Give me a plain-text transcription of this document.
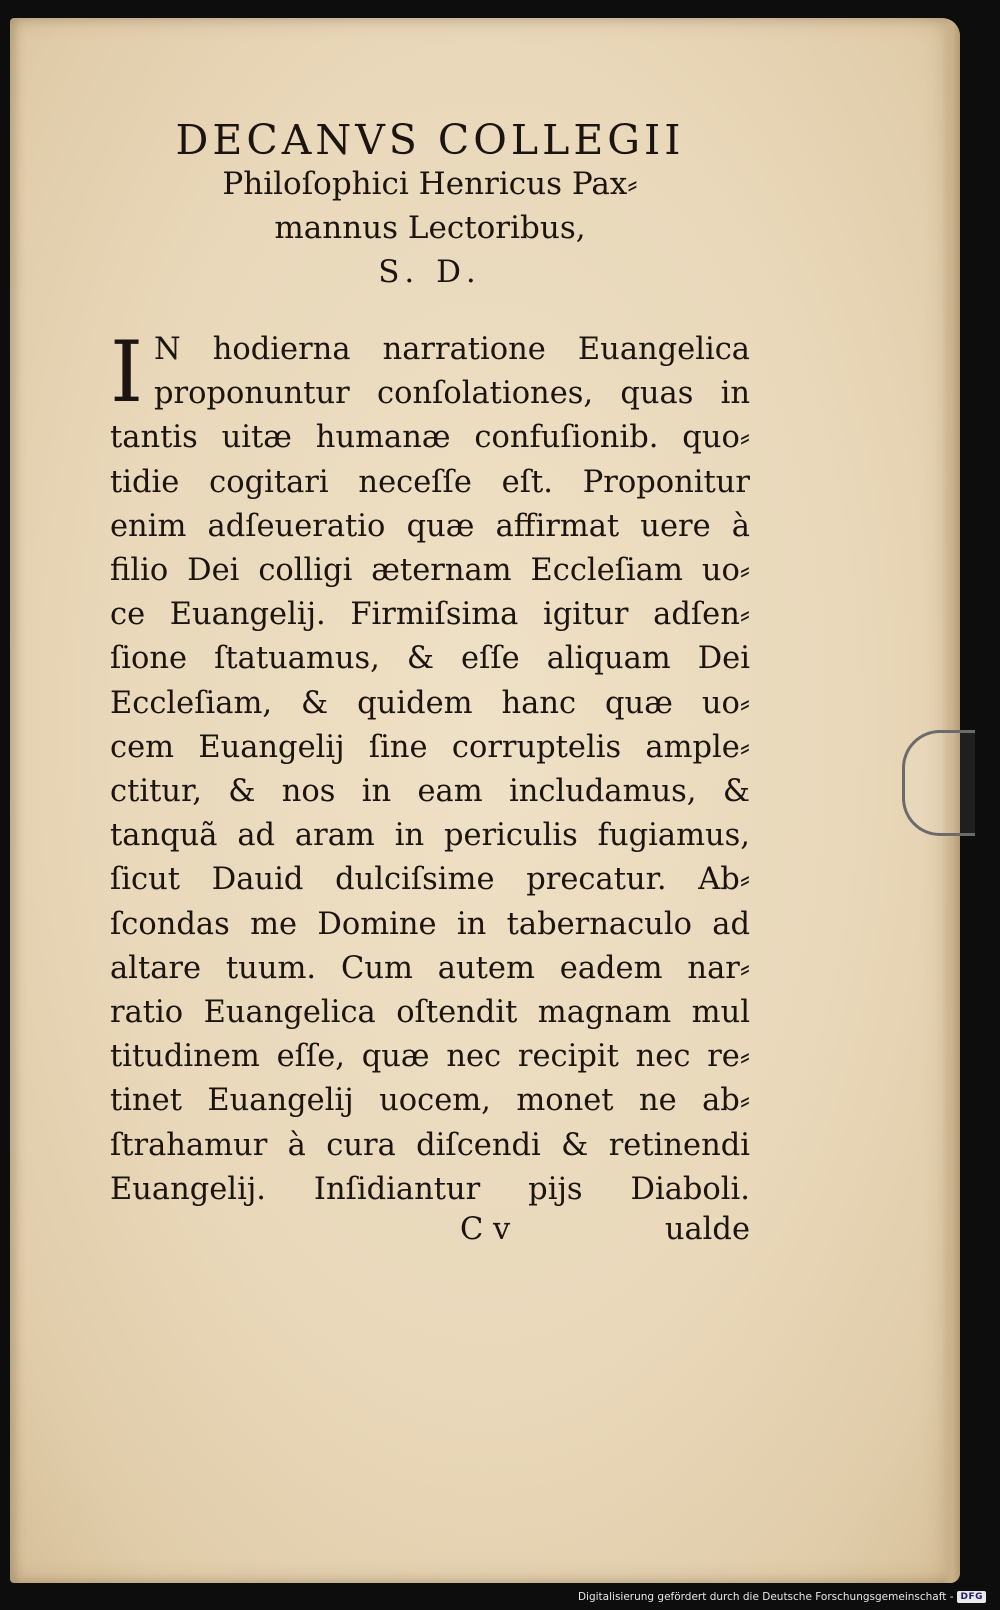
DECANVS COLLEGII

Philoſophici Henricus Pax⸗

mannus Lectoribus,

S. D.

I N hodierna narratione Euangelica

proponuntur conſolationes, quas in

tantis uitæ humanæ confuſionib. quo⸗

tidie cogitari neceſſe eſt. Proponitur

enim adſeueratio quæ affirmat uere à

filio Dei colligi æternam Eccleſiam uo⸗

ce Euangelij. Firmiſsima igitur adſen⸗

ſione ſtatuamus, & eſſe aliquam Dei

Eccleſiam, & quidem hanc quæ uo⸗

cem Euangelij ſine corruptelis ample⸗

ctitur, & nos in eam includamus, &

tanquã ad aram in periculis fugiamus,

ſicut Dauid dulciſsime precatur. Ab⸗

ſcondas me Domine in tabernaculo ad

altare tuum. Cum autem eadem nar⸗

ratio Euangelica oſtendit magnam mul

titudinem eſſe, quæ nec recipit nec re⸗

tinet Euangelij uocem, monet ne ab⸗

ſtrahamur à cura diſcendi & retinendi

Euangelij. Inſidiantur pijs Diaboli.

C v	ualde
Digitalisierung gefördert durch die Deutsche Forschungsgemeinschaft - DFG
